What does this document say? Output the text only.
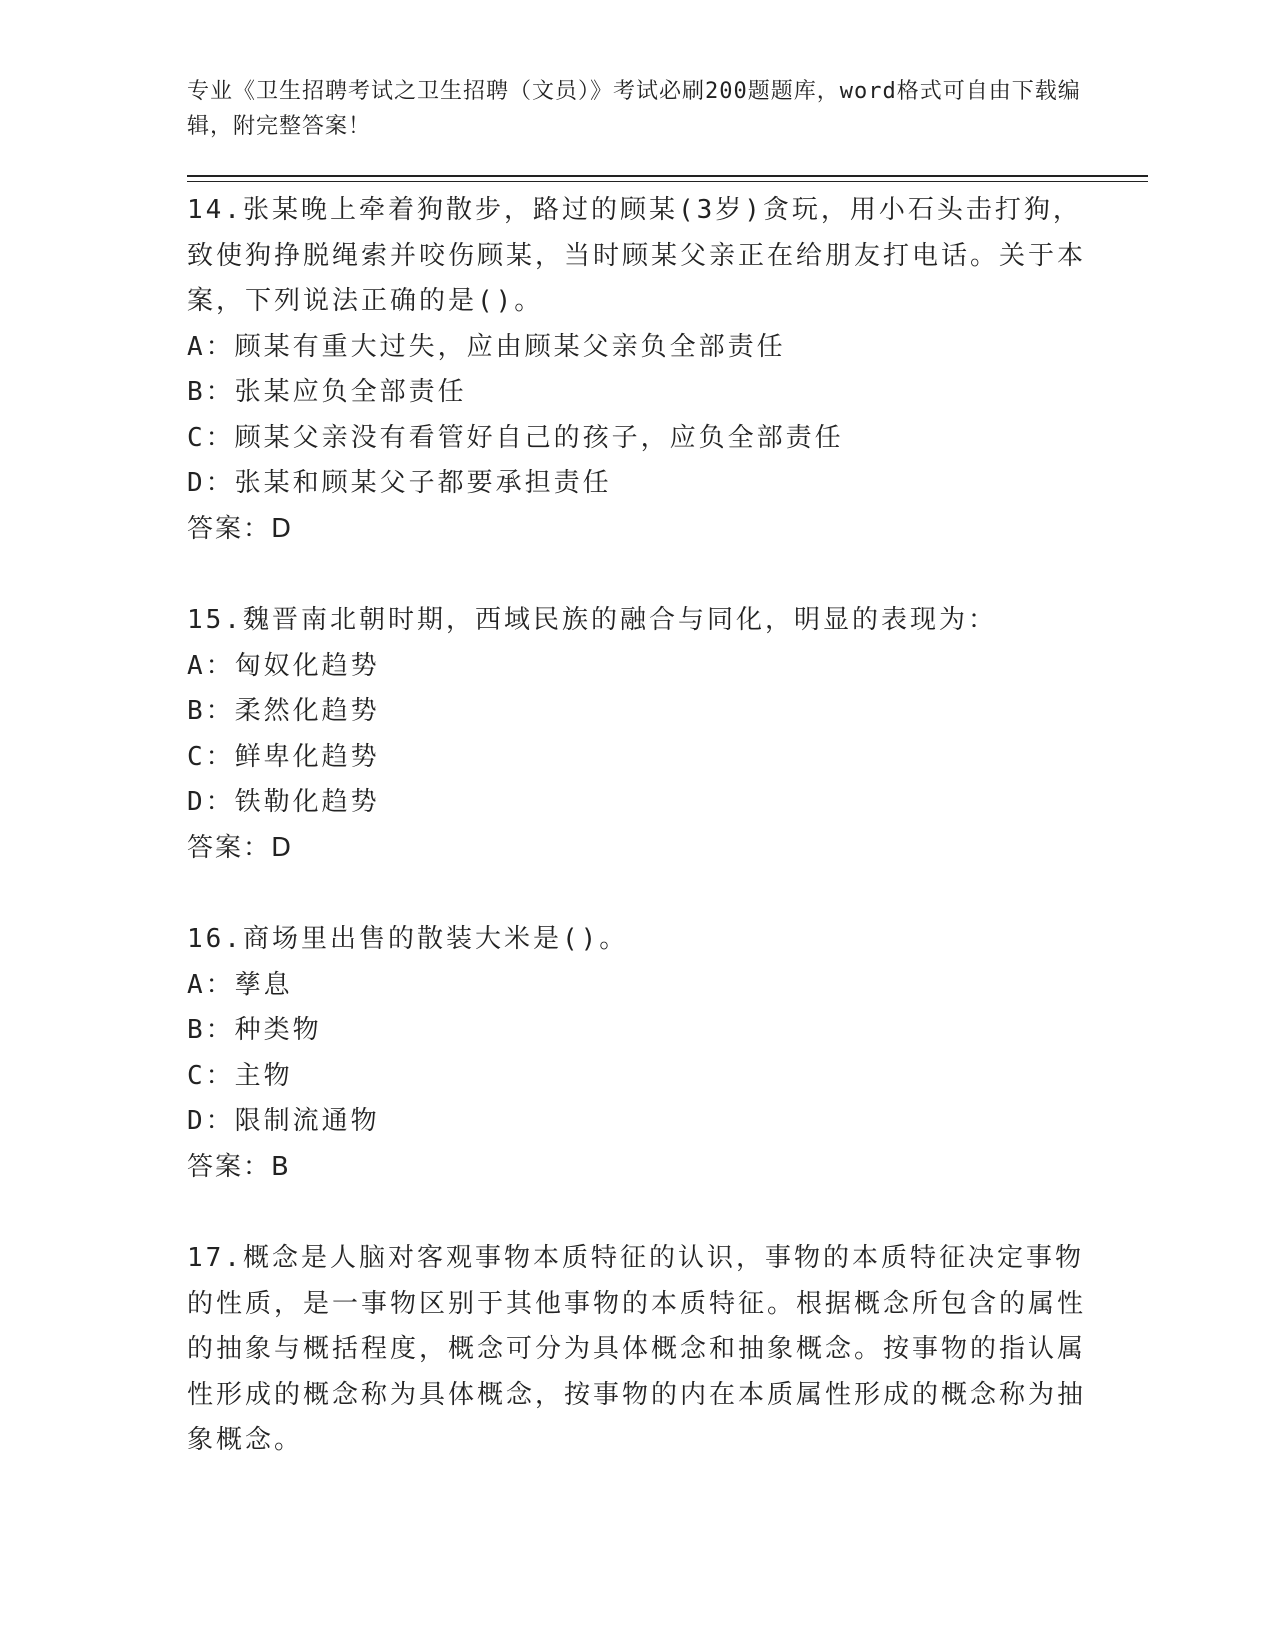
专业《卫生招聘考试之卫生招聘（文员）》考试必刷200题题库，word格式可自由下载编辑，附完整答案！
14.张某晚上牵着狗散步，路过的顾某(3岁)贪玩，用小石头击打狗，致使狗挣脱绳索并咬伤顾某，当时顾某父亲正在给朋友打电话。关于本案，下列说法正确的是()。
A：顾某有重大过失，应由顾某父亲负全部责任
B：张某应负全部责任
C：顾某父亲没有看管好自己的孩子，应负全部责任
D：张某和顾某父子都要承担责任
答案：D
15.魏晋南北朝时期，西域民族的融合与同化，明显的表现为：
A：匈奴化趋势
B：柔然化趋势
C：鲜卑化趋势
D：铁勒化趋势
答案：D
16.商场里出售的散装大米是()。
A：孳息
B：种类物
C：主物
D：限制流通物
答案：B
17.概念是人脑对客观事物本质特征的认识，事物的本质特征决定事物的性质，是一事物区别于其他事物的本质特征。根据概念所包含的属性的抽象与概括程度，概念可分为具体概念和抽象概念。按事物的指认属性形成的概念称为具体概念，按事物的内在本质属性形成的概念称为抽象概念。
